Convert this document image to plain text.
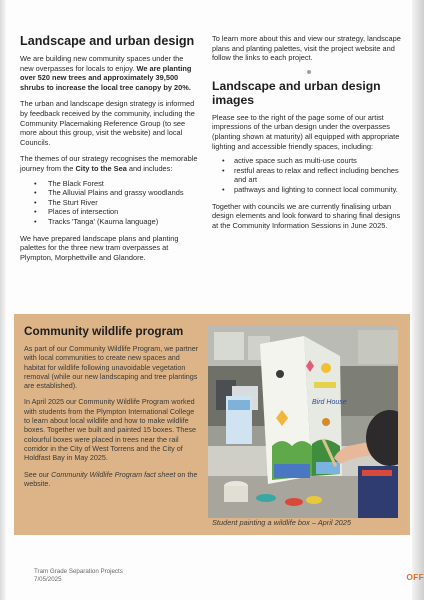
Landscape and urban design

We are building new community spaces under the new overpasses for locals to enjoy. We are planting over 520 new trees and approximately 39,500 shrubs to increase the local tree canopy by 20%.

The urban and landscape design strategy is informed by feedback received by the community, including the Community Placemaking Reference Group (to see more about this group, visit the website) and local Councils.

The themes of our strategy recognises the memorable journey from the City to the Sea and includes:

• The Black Forest
• The Alluvial Plains and grassy woodlands
• The Sturt River
• Places of intersection
• Tracks 'Tanga' (Kaurna language)

We have prepared landscape plans and planting palettes for the three new tram overpasses at Plympton, Morphettville and Glandore.

To learn more about this and view our strategy, landscape plans and planting palettes, visit the project website and follow the links to each project.

Landscape and urban design images

Please see to the right of the page some of our artist impressions of the urban design under the overpasses (planting shown at maturity) all equipped with appropriate lighting and accessible friendly spaces, including:

• active space such as multi-use courts
• restful areas to relax and reflect including benches and art
• pathways and lighting to connect local community.

Together with councils we are currently finalising urban design elements and look forward to sharing final designs at the Community Information Sessions in June 2025.

Community wildlife program

As part of our Community Wildlife Program, we partner with local communities to create new spaces and habitat for wildlife following unavoidable vegetation removal (while our new landscaping and tree plantings are established).

In April 2025 our Community Wildlife Program worked with students from the Plympton International College to learn about local wildlife and how to make wildlife boxes. Together we built and painted 15 boxes. These colourful boxes were placed in trees near the rail corridor in the City of West Torrens and the City of Holdfast Bay in May 2025.

See our Community Wildlife Program fact sheet on the website.

Bird House
Student painting a wildlife box – April 2025
Tram Grade Separation Projects
7/05/2025	OFF
